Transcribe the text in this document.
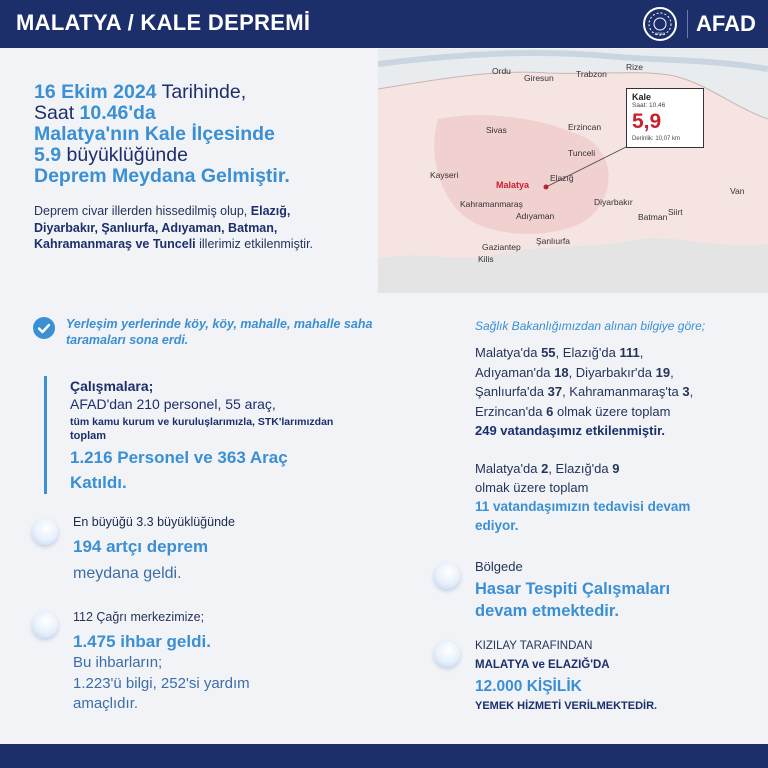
MALATYA / KALE DEPREMİ	AFAD AFAD
16 Ekim 2024 Tarihinde,
Saat 10.46'da
Malatya'nın Kale İlçesinde
5.9 büyüklüğünde
Deprem Meydana Gelmiştir.
Deprem civar illerden hissedilmiş olup, Elazığ, Diyarbakır, Şanlıurfa, Adıyaman, Batman, Kahramanmaraş ve Tunceli illerimiz etkilenmiştir.
Ordu
Giresun	Trabzon
Rize
Sivas	Erzincan
Tunceli
Kayseri
Malatya
Elazığ
Kahramanmaraş
Adıyaman
Diyarbakır
Batman Siirt
Van
Gaziantep
Kilis
Şanlıurfa
Kale
Saat: 10.46
5,9
Derinlik: 10,07 km
Yerleşim yerlerinde köy, köy, mahalle, mahalle saha taramaları sona erdi.
Çalışmalara;
AFAD'dan 210 personel, 55 araç,
tüm kamu kurum ve kuruluşlarımızla, STK'larımızdan
toplam
1.216 Personel ve 363 Araç
Katıldı.
En büyüğü 3.3 büyüklüğünde
194 artçı deprem
meydana geldi.
112 Çağrı merkezimize;
1.475 ihbar geldi.
Bu ihbarların;
1.223'ü bilgi, 252'si yardım
amaçlıdır.
Sağlık Bakanlığımızdan alınan bilgiye göre;
Malatya'da 55, Elazığ'da 111,
Adıyaman'da 18, Diyarbakır'da 19,
Şanlıurfa'da 37, Kahramanmaraş'ta 3,
Erzincan'da 6 olmak üzere toplam
249 vatandaşımız etkilenmiştir.
Malatya'da 2, Elazığ'da 9
olmak üzere toplam
11 vatandaşımızın tedavisi devam
ediyor.
Bölgede
Hasar Tespiti Çalışmaları
devam etmektedir.
KIZILAY TARAFINDAN
MALATYA ve ELAZIĞ'DA
12.000 KİŞİLİK
YEMEK HİZMETİ VERİLMEKTEDİR.
